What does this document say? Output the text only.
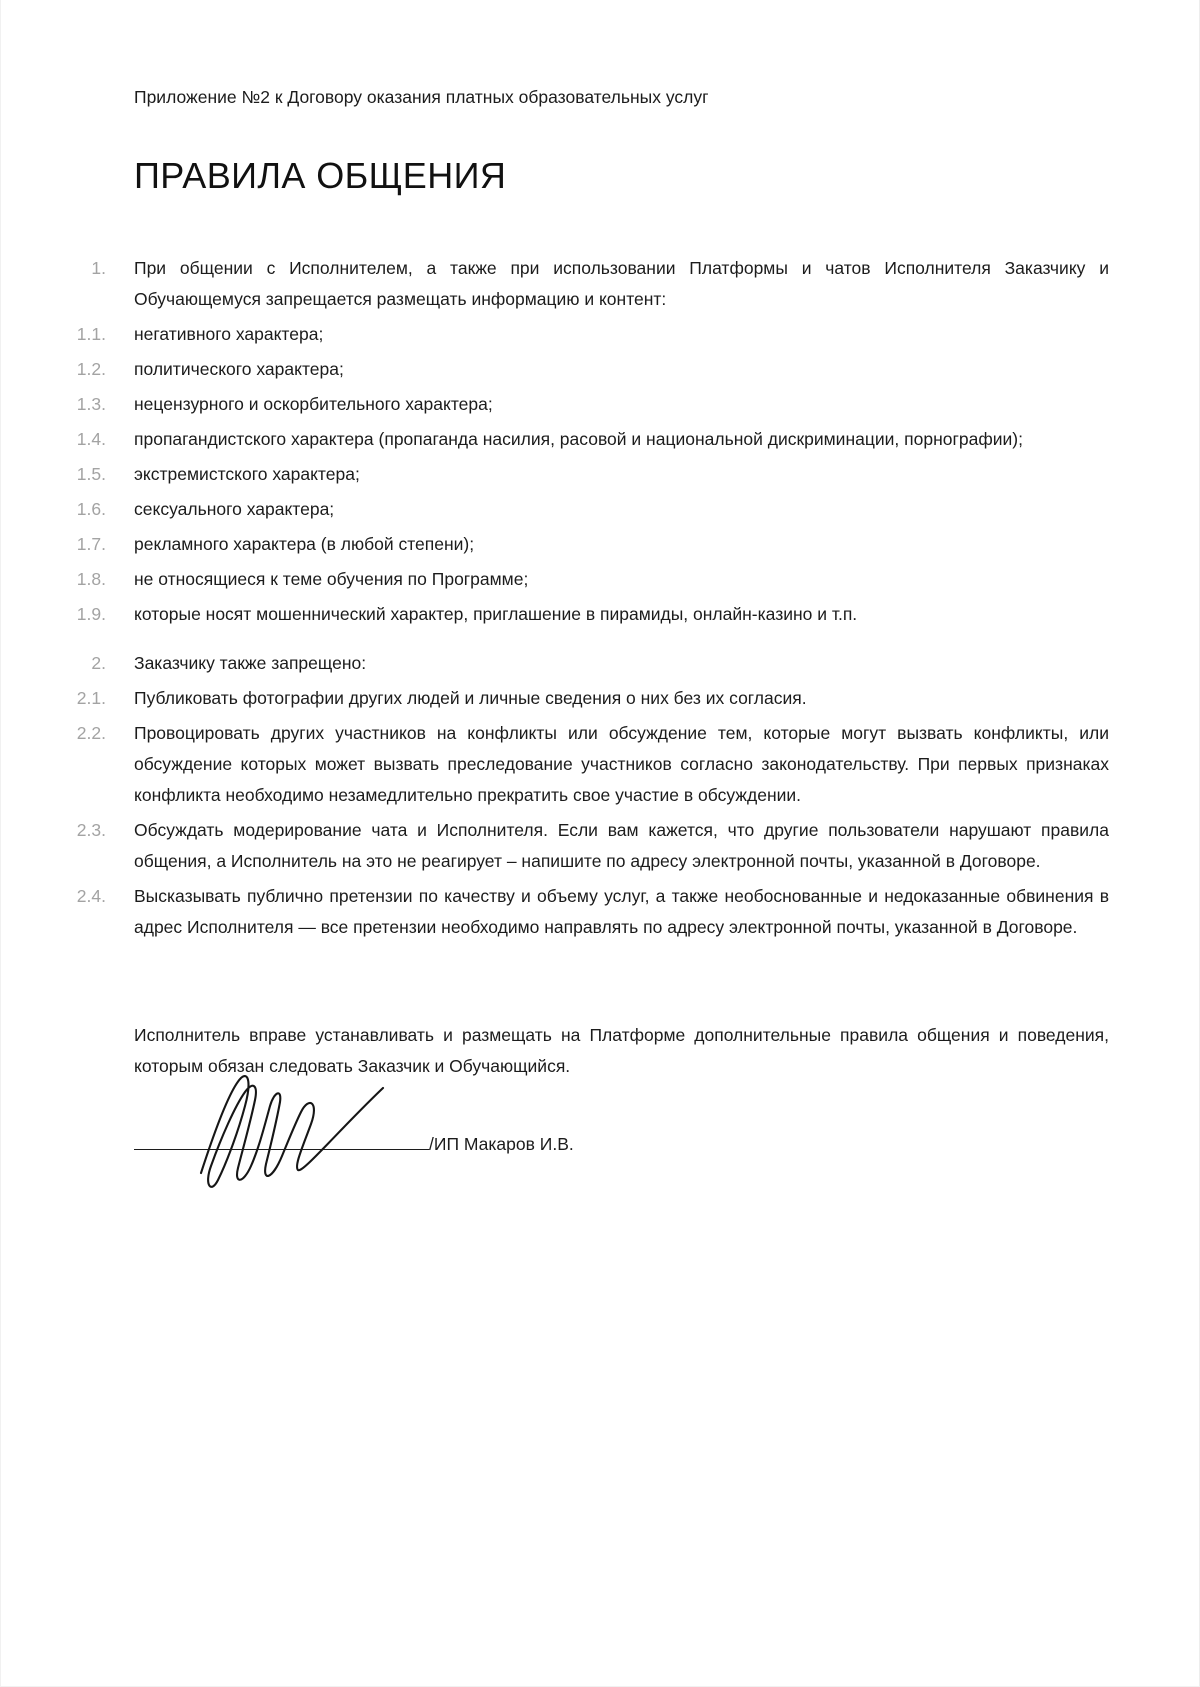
Приложение №2 к Договору оказания платных образовательных услуг
ПРАВИЛА ОБЩЕНИЯ
1. При общении с Исполнителем, а также при использовании Платформы и чатов Исполнителя Заказчику и Обучающемуся запрещается размещать информацию и контент:
1.1. негативного характера;
1.2. политического характера;
1.3. нецензурного и оскорбительного характера;
1.4. пропагандистского характера (пропаганда насилия, расовой и национальной дискриминации, порнографии);
1.5. экстремистского характера;
1.6. сексуального характера;
1.7. рекламного характера (в любой степени);
1.8. не относящиеся к теме обучения по Программе;
1.9. которые носят мошеннический характер, приглашение в пирамиды, онлайн-казино и т.п.
2. Заказчику также запрещено:
2.1. Публиковать фотографии других людей и личные сведения о них без их согласия.
2.2. Провоцировать других участников на конфликты или обсуждение тем, которые могут вызвать конфликты, или обсуждение которых может вызвать преследование участников согласно законодательству. При первых признаках конфликта необходимо незамедлительно прекратить свое участие в обсуждении.
2.3. Обсуждать модерирование чата и Исполнителя. Если вам кажется, что другие пользователи нарушают правила общения, а Исполнитель на это не реагирует – напишите по адресу электронной почты, указанной в Договоре.
2.4. Высказывать публично претензии по качеству и объему услуг, а также необоснованные и недоказанные обвинения в адрес Исполнителя — все претензии необходимо направлять по адресу электронной почты, указанной в Договоре.
Исполнитель вправе устанавливать и размещать на Платформе дополнительные правила общения и поведения, которым обязан следовать Заказчик и Обучающийся.
/ИП Макаров И.В.
